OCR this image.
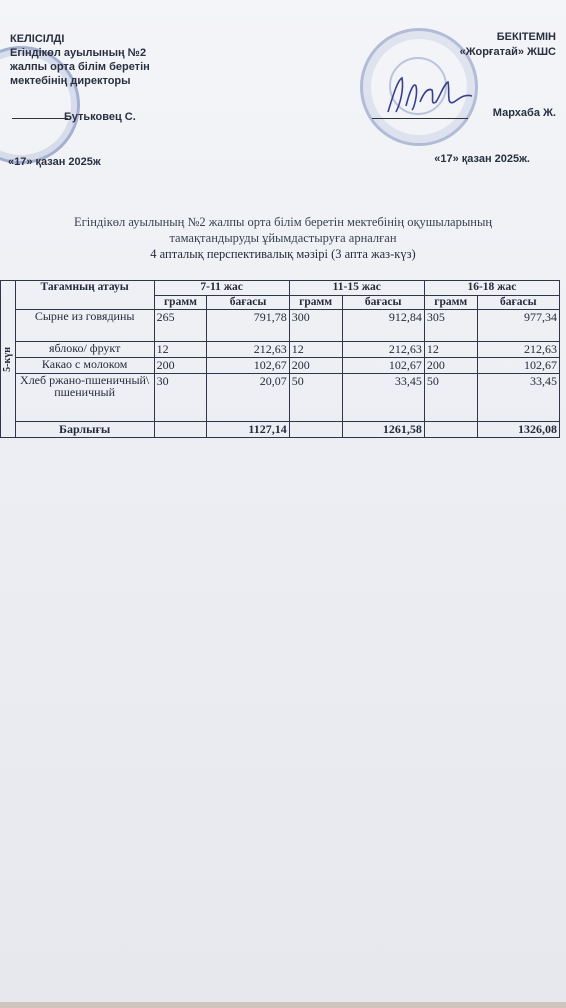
КЕЛІСІЛДІ
Егіндікөл ауылының №2
жалпы орта білім беретін
мектебінің директоры
Бутьковец С.
БЕКІТЕМІН
«Жорғатай» ЖШС
Мархаба Ж.
«17» қазан 2025ж	«17» қазан 2025ж.
Егіндікөл ауылының №2 жалпы орта білім беретін мектебінің оқушыларының
тамақтандыруды ұйымдастыруға арналған
4 апталық перспективалық мәзірі (3 апта жаз-күз)
5-күн	Тағамның атауы	7-11 жас		11-15 жас		16-18 жас	
		грамм	бағасы	грамм	бағасы	грамм	бағасы
	Сырне из говядины	265	791,78	300	912,84	305	977,34
	яблоко/ фрукт	12	212,63	12	212,63	12	212,63
	Какао с молоком	200	102,67	200	102,67	200	102,67
	Хлеб ржано-пшеничный\ пшеничный	30	20,07	50	33,45	50	33,45
	Барлығы		1127,14		1261,58		1326,08
